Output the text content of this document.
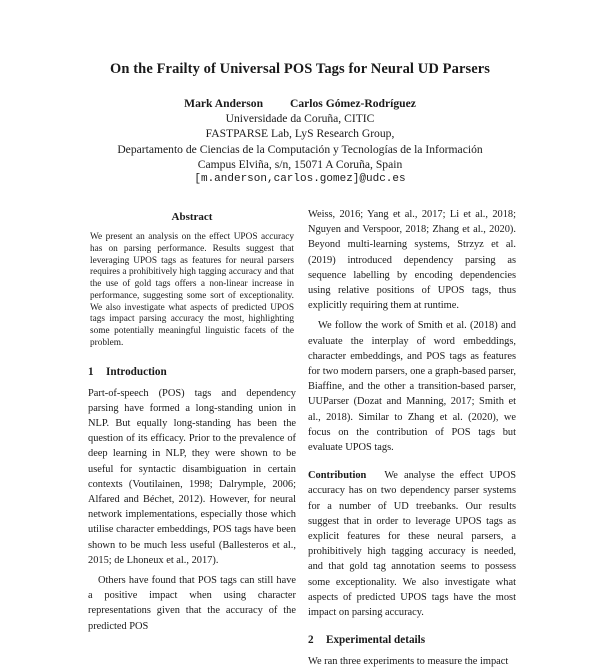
On the Frailty of Universal POS Tags for Neural UD Parsers
Mark Anderson Carlos Gómez-Rodríguez
Universidade da Coruña, CITIC
FASTPARSE Lab, LyS Research Group,
Departamento de Ciencias de la Computación y Tecnologías de la Información
Campus Elviña, s/n, 15071 A Coruña, Spain
[m.anderson,carlos.gomez]@udc.es
Abstract

We present an analysis on the effect UPOS accuracy has on parsing performance. Results suggest that leveraging UPOS tags as features for neural parsers requires a prohibitively high tagging accuracy and that the use of gold tags offers a non-linear increase in performance, suggesting some sort of exceptionality. We also investigate what aspects of predicted UPOS tags impact parsing accuracy the most, highlighting some potentially meaningful linguistic facets of the problem.

1 Introduction

Part-of-speech (POS) tags and dependency parsing have formed a long-standing union in NLP. But equally long-standing has been the question of its efficacy. Prior to the prevalence of deep learning in NLP, they were shown to be useful for syntactic disambiguation in certain contexts (Voutilainen, 1998; Dalrymple, 2006; Alfared and Béchet, 2012). However, for neural network implementations, especially those which utilise character embeddings, POS tags have been shown to be much less useful (Ballesteros et al., 2015; de Lhoneux et al., 2017).

Others have found that POS tags can still have a positive impact when using character representations given that the accuracy of the predicted POS

Weiss, 2016; Yang et al., 2017; Li et al., 2018; Nguyen and Verspoor, 2018; Zhang et al., 2020). Beyond multi-learning systems, Strzyz et al. (2019) introduced dependency parsing as sequence labelling by encoding dependencies using relative positions of UPOS tags, thus explicitly requiring them at runtime.

We follow the work of Smith et al. (2018) and evaluate the interplay of word embeddings, character embeddings, and POS tags as features for two modern parsers, one a graph-based parser, Biaffine, and the other a transition-based parser, UUParser (Dozat and Manning, 2017; Smith et al., 2018). Similar to Zhang et al. (2020), we focus on the contribution of POS tags but evaluate UPOS tags.

Contribution We analyse the effect UPOS accuracy has on two dependency parser systems for a number of UD treebanks. Our results suggest that in order to leverage UPOS tags as explicit features for these neural parsers, a prohibitively high tagging accuracy is needed, and that gold tag annotation seems to possess some exceptionality. We also investigate what aspects of predicted UPOS tags have the most impact on parsing accuracy.

2 Experimental details

We ran three experiments to measure the impact
